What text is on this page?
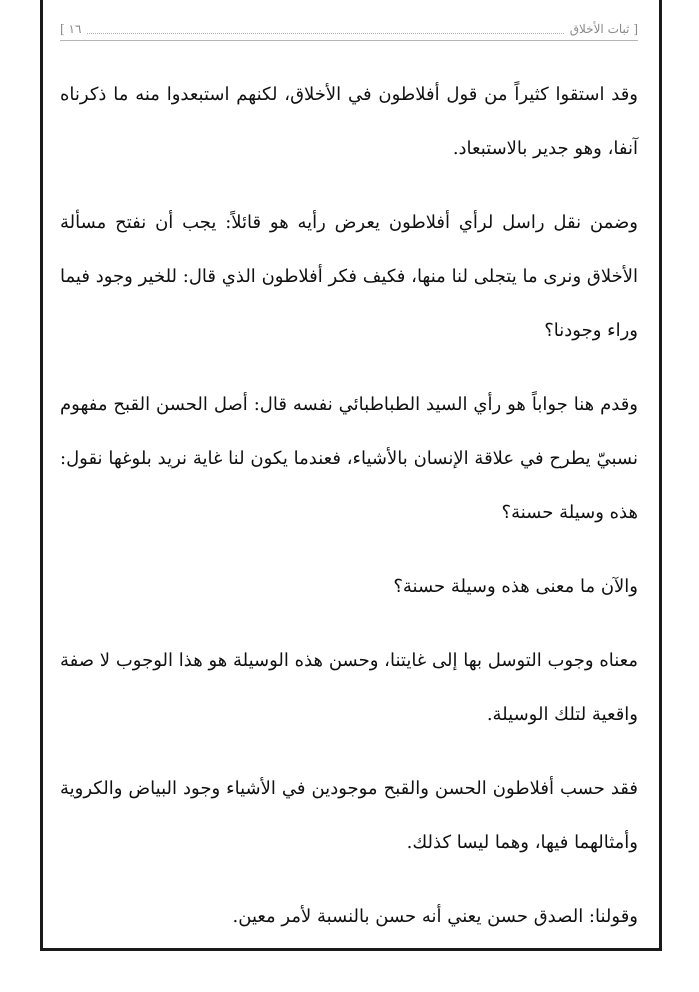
[ ثبات الأخلاق
١٦ ]

وقد استقوا كثيراً من قول أفلاطون في الأخلاق، لكنهم استبعدوا منه ما ذكرناه آنفا، وهو جدير بالاستبعاد.

وضمن نقل راسل لرأي أفلاطون يعرض رأيه هو قائلاً: يجب أن نفتح مسألة الأخلاق ونرى ما يتجلى لنا منها، فكيف فكر أفلاطون الذي قال: للخير وجود فيما وراء وجودنا؟

وقدم هنا جواباً هو رأي السيد الطباطبائي نفسه قال: أصل الحسن القبح مفهوم نسبيّ يطرح في علاقة الإنسان بالأشياء، فعندما يكون لنا غاية نريد بلوغها نقول: هذه وسيلة حسنة؟

والآن ما معنى هذه وسيلة حسنة؟

معناه وجوب التوسل بها إلى غايتنا، وحسن هذه الوسيلة هو هذا الوجوب لا صفة واقعية لتلك الوسيلة.

فقد حسب أفلاطون الحسن والقبح موجودين في الأشياء وجود البياض والكروية وأمثالهما فيها، وهما ليسا كذلك.

وقولنا: الصدق حسن يعني أنه حسن بالنسبة لأمر معين.
